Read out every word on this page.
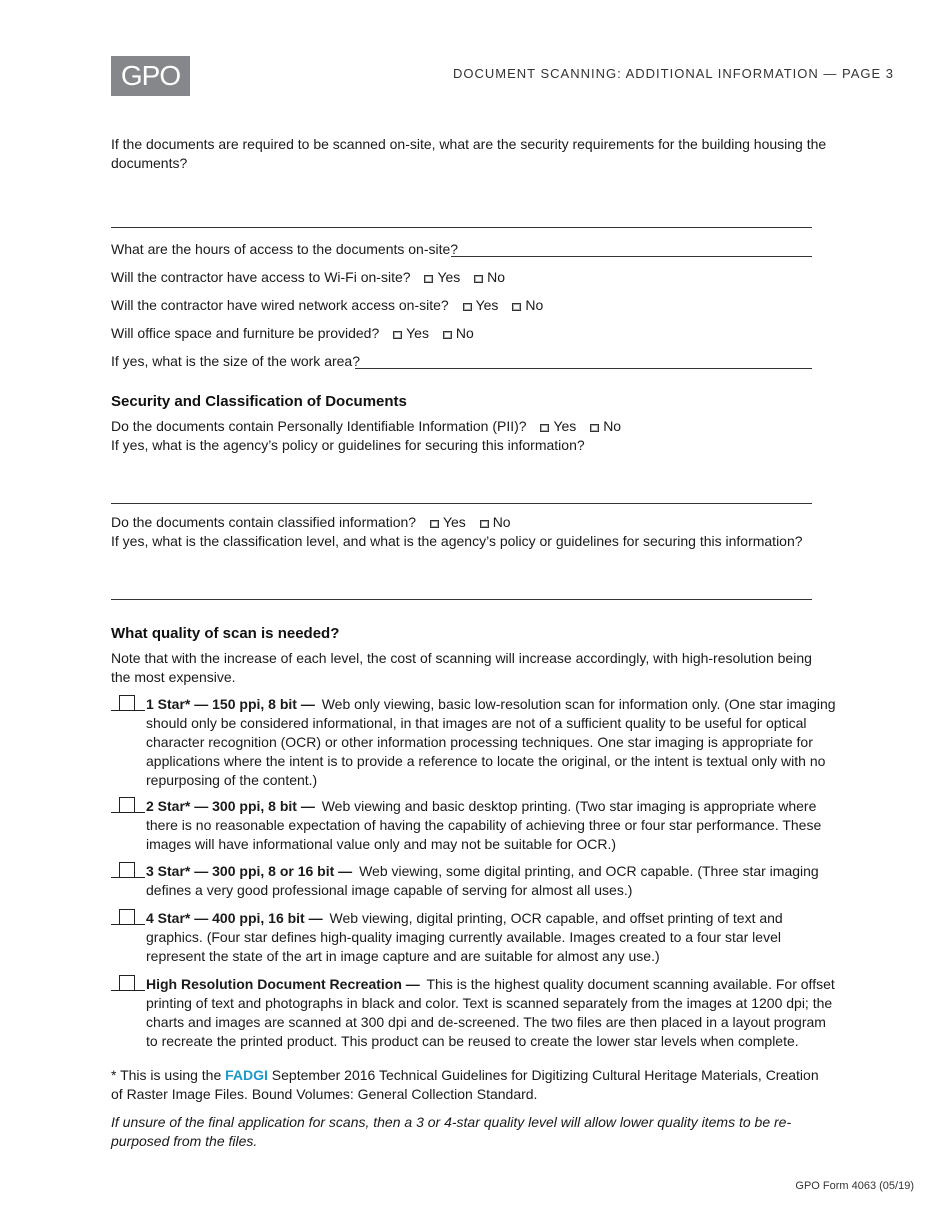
GPO	DOCUMENT SCANNING: ADDITIONAL INFORMATION — PAGE 3
If the documents are required to be scanned on-site, what are the security requirements for the building housing the documents?
What are the hours of access to the documents on-site?
Will the contractor have access to Wi-Fi on-site? Yes No
Will the contractor have wired network access on-site? Yes No
Will office space and furniture be provided? Yes No
If yes, what is the size of the work area?
Security and Classification of Documents
Do the documents contain Personally Identifiable Information (PII)? Yes No
If yes, what is the agency’s policy or guidelines for securing this information?
Do the documents contain classified information? Yes No
If yes, what is the classification level, and what is the agency’s policy or guidelines for securing this information?
What quality of scan is needed?
Note that with the increase of each level, the cost of scanning will increase accordingly, with high-resolution being the most expensive.
1 Star* — 150 ppi, 8 bit — Web only viewing, basic low-resolution scan for information only. (One star imaging should only be considered informational, in that images are not of a sufficient quality to be useful for optical character recognition (OCR) or other information processing techniques. One star imaging is appropriate for applications where the intent is to provide a reference to locate the original, or the intent is textual only with no repurposing of the content.)
2 Star* — 300 ppi, 8 bit — Web viewing and basic desktop printing. (Two star imaging is appropriate where there is no reasonable expectation of having the capability of achieving three or four star performance. These images will have informational value only and may not be suitable for OCR.)
3 Star* — 300 ppi, 8 or 16 bit — Web viewing, some digital printing, and OCR capable. (Three star imaging defines a very good professional image capable of serving for almost all uses.)
4 Star* — 400 ppi, 16 bit — Web viewing, digital printing, OCR capable, and offset printing of text and graphics. (Four star defines high-quality imaging currently available. Images created to a four star level represent the state of the art in image capture and are suitable for almost any use.)
High Resolution Document Recreation — This is the highest quality document scanning available. For offset printing of text and photographs in black and color. Text is scanned separately from the images at 1200 dpi; the charts and images are scanned at 300 dpi and de-screened. The two files are then placed in a layout program to recreate the printed product. This product can be reused to create the lower star levels when complete.
* This is using the FADGI September 2016 Technical Guidelines for Digitizing Cultural Heritage Materials, Creation of Raster Image Files. Bound Volumes: General Collection Standard.
If unsure of the final application for scans, then a 3 or 4-star quality level will allow lower quality items to be re-purposed from the files.
GPO Form 4063 (05/19)
